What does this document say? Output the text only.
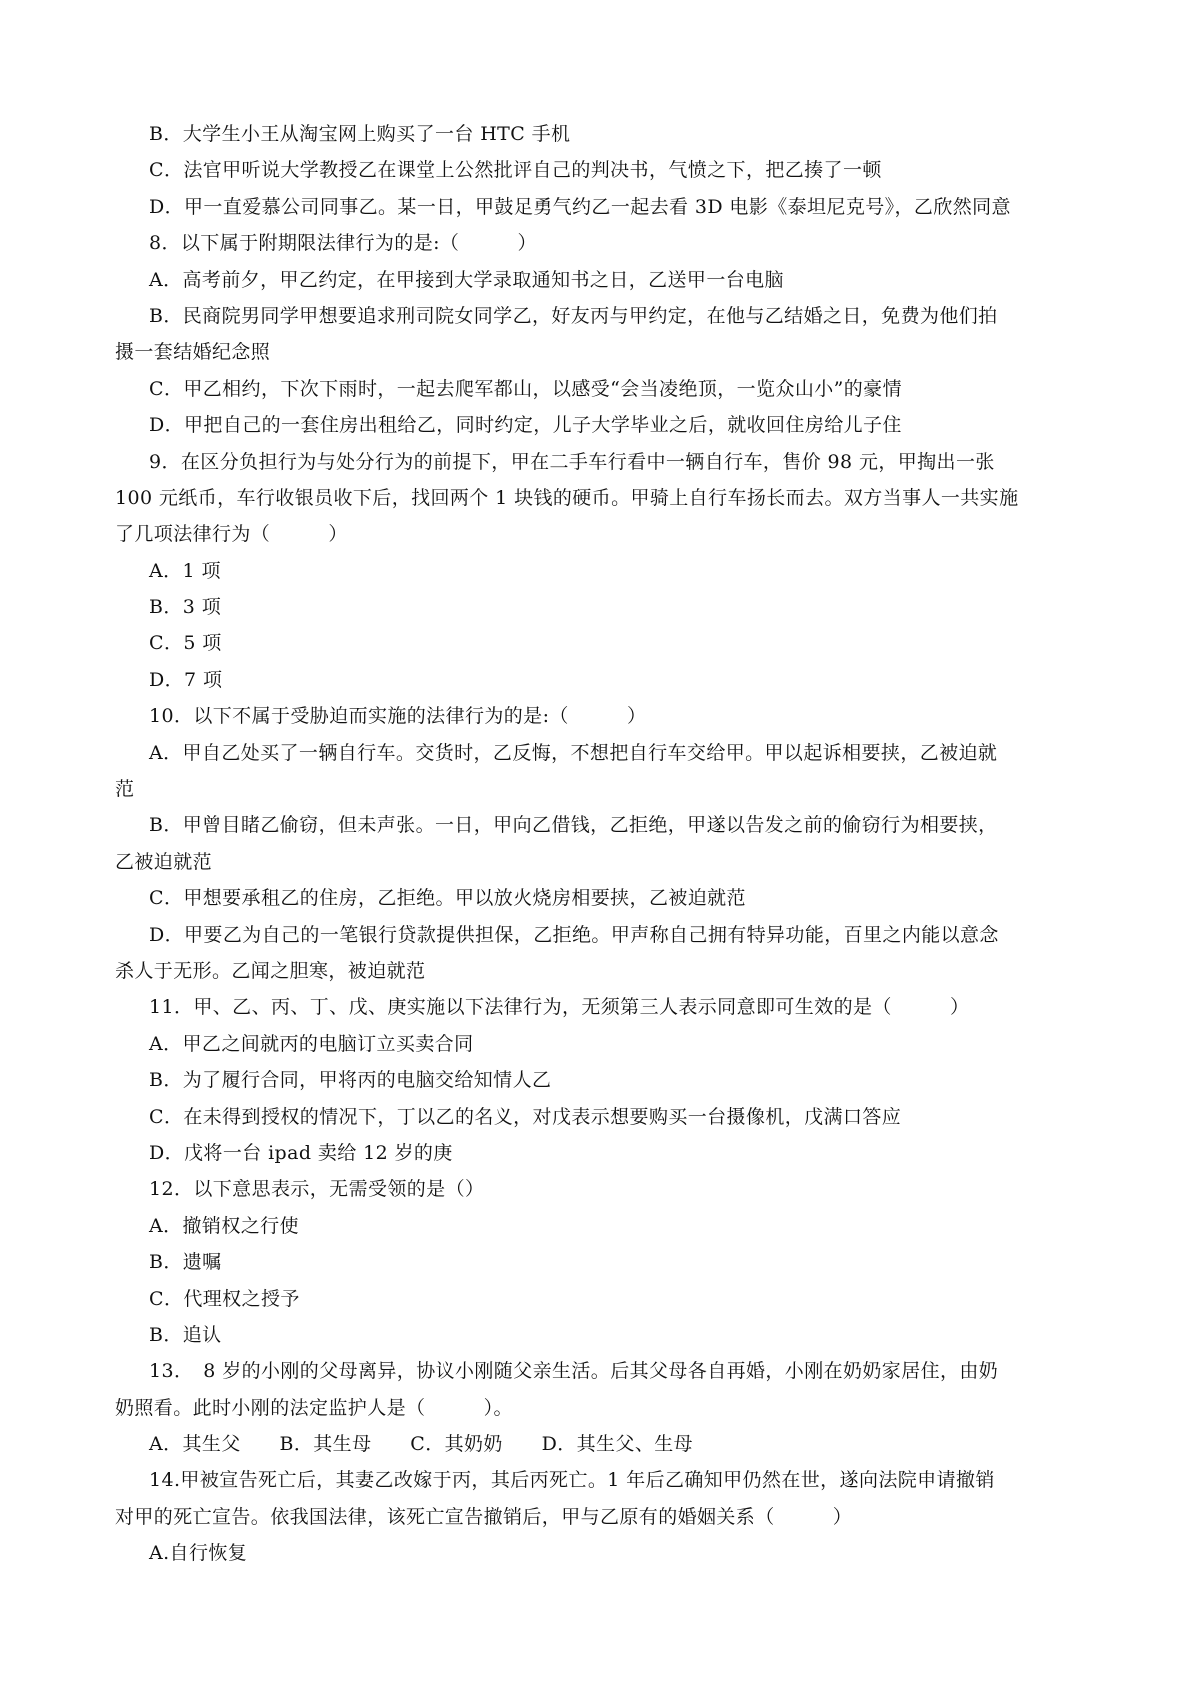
B．大学生小王从淘宝网上购买了一台 HTC 手机
C．法官甲听说大学教授乙在课堂上公然批评自己的判决书，气愤之下，把乙揍了一顿
D．甲一直爱慕公司同事乙。某一日，甲鼓足勇气约乙一起去看 3D 电影《泰坦尼克号》，乙欣然同意
8．以下属于附期限法律行为的是:（　　　）
A．高考前夕，甲乙约定，在甲接到大学录取通知书之日，乙送甲一台电脑
B．民商院男同学甲想要追求刑司院女同学乙，好友丙与甲约定，在他与乙结婚之日，免费为他们拍
摄一套结婚纪念照
C．甲乙相约，下次下雨时，一起去爬军都山，以感受“会当凌绝顶，一览众山小”的豪情
D．甲把自己的一套住房出租给乙，同时约定，儿子大学毕业之后，就收回住房给儿子住
9．在区分负担行为与处分行为的前提下，甲在二手车行看中一辆自行车，售价 98 元，甲掏出一张
100 元纸币，车行收银员收下后，找回两个 1 块钱的硬币。甲骑上自行车扬长而去。双方当事人一共实施
了几项法律行为（　　　）
A．1 项
B．3 项
C．5 项
D．7 项
10．以下不属于受胁迫而实施的法律行为的是:（　　　）
A．甲自乙处买了一辆自行车。交货时，乙反悔，不想把自行车交给甲。甲以起诉相要挟，乙被迫就
范
B．甲曾目睹乙偷窃，但未声张。一日，甲向乙借钱，乙拒绝，甲遂以告发之前的偷窃行为相要挟，
乙被迫就范
C．甲想要承租乙的住房，乙拒绝。甲以放火烧房相要挟，乙被迫就范
D．甲要乙为自己的一笔银行贷款提供担保，乙拒绝。甲声称自己拥有特异功能，百里之内能以意念
杀人于无形。乙闻之胆寒，被迫就范
11．甲、乙、丙、丁、戊、庚实施以下法律行为，无须第三人表示同意即可生效的是（　　　）
A．甲乙之间就丙的电脑订立买卖合同
B．为了履行合同，甲将丙的电脑交给知情人乙
C．在未得到授权的情况下，丁以乙的名义，对戊表示想要购买一台摄像机，戊满口答应
D．戊将一台 ipad 卖给 12 岁的庚
12．以下意思表示，无需受领的是（）
A．撤销权之行使
B．遗嘱
C．代理权之授予
B．追认
13．　8 岁的小刚的父母离异，协议小刚随父亲生活。后其父母各自再婚，小刚在奶奶家居住，由奶
奶照看。此时小刚的法定监护人是（　　　）。
A．其生父　　B．其生母　　C．其奶奶　　D．其生父、生母
14.甲被宣告死亡后，其妻乙改嫁于丙，其后丙死亡。1 年后乙确知甲仍然在世，遂向法院申请撤销
对甲的死亡宣告。依我国法律，该死亡宣告撤销后，甲与乙原有的婚姻关系（　　　）
A.自行恢复
